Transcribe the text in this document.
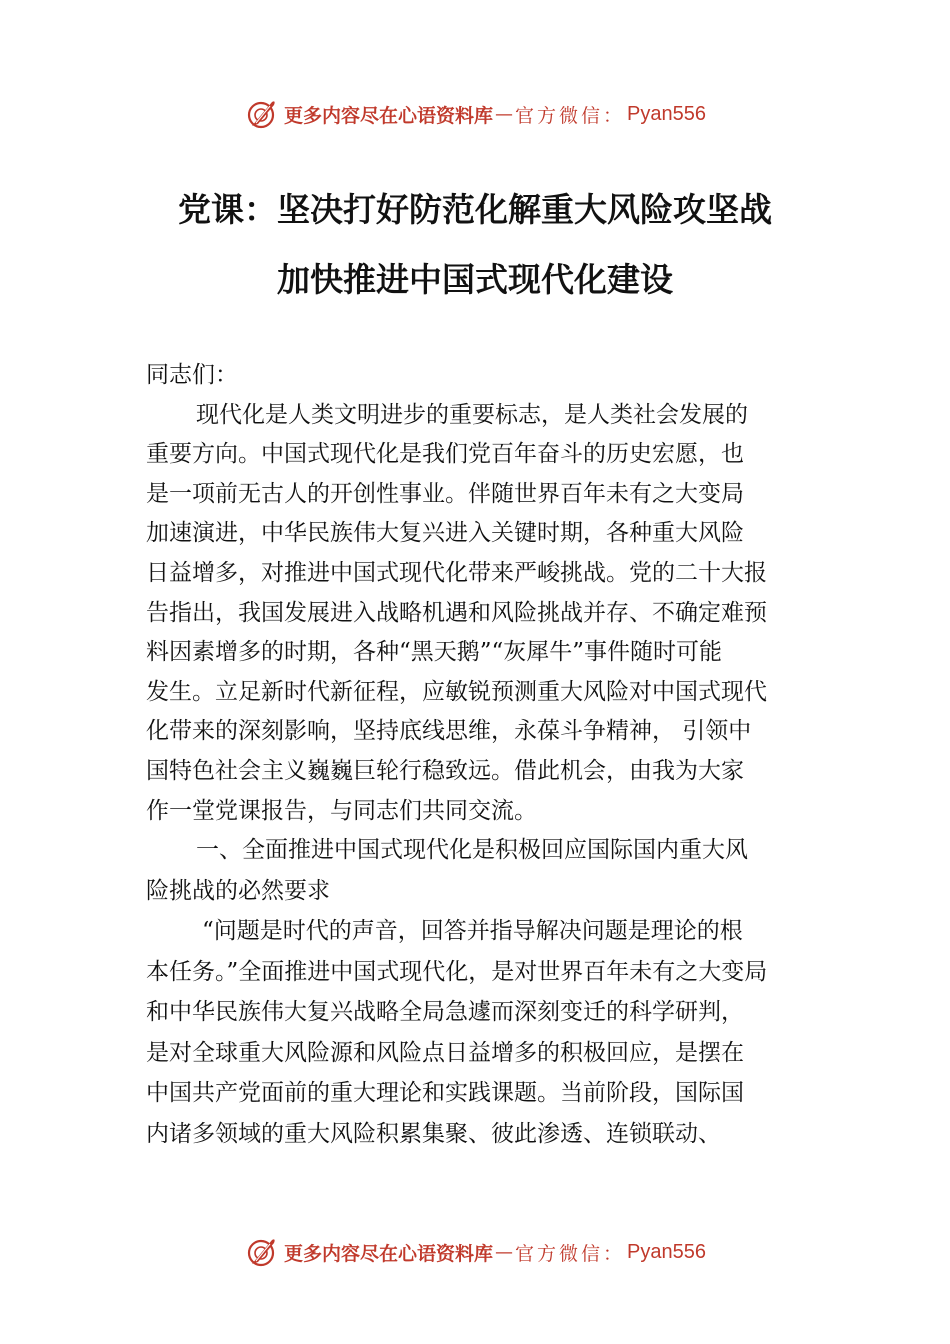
更多内容尽在心语资料库 — 官方微信： Pyan556
党课：坚决打好防范化解重大风险攻坚战
加快推进中国式现代化建设

同志们：

现代化是人类文明进步的重要标志，是人类社会发展的

重要方向。中国式现代化是我们党百年奋斗的历史宏愿，也

是一项前无古人的开创性事业。伴随世界百年未有之大变局

加速演进，中华民族伟大复兴进入关键时期，各种重大风险

日益增多，对推进中国式现代化带来严峻挑战。党的二十大报

告指出，我国发展进入战略机遇和风险挑战并存、不确定难预

料因素增多的时期，各种“黑天鹅”“灰犀牛”事件随时可能

发生。立足新时代新征程，应敏锐预测重大风险对中国式现代

化带来的深刻影响，坚持底线思维，永葆斗争精神， 引领中

国特色社会主义巍巍巨轮行稳致远。借此机会，由我为大家

作一堂党课报告，与同志们共同交流。

一、全面推进中国式现代化是积极回应国际国内重大风

险挑战的必然要求

“问题是时代的声音，回答并指导解决问题是理论的根

本任务。”全面推进中国式现代化，是对世界百年未有之大变局

和中华民族伟大复兴战略全局急遽而深刻变迁的科学研判，

是对全球重大风险源和风险点日益增多的积极回应，是摆在

中国共产党面前的重大理论和实践课题。当前阶段，国际国

内诸多领域的重大风险积累集聚、彼此渗透、连锁联动、

更多内容尽在心语资料库 — 官方微信： Pyan556
